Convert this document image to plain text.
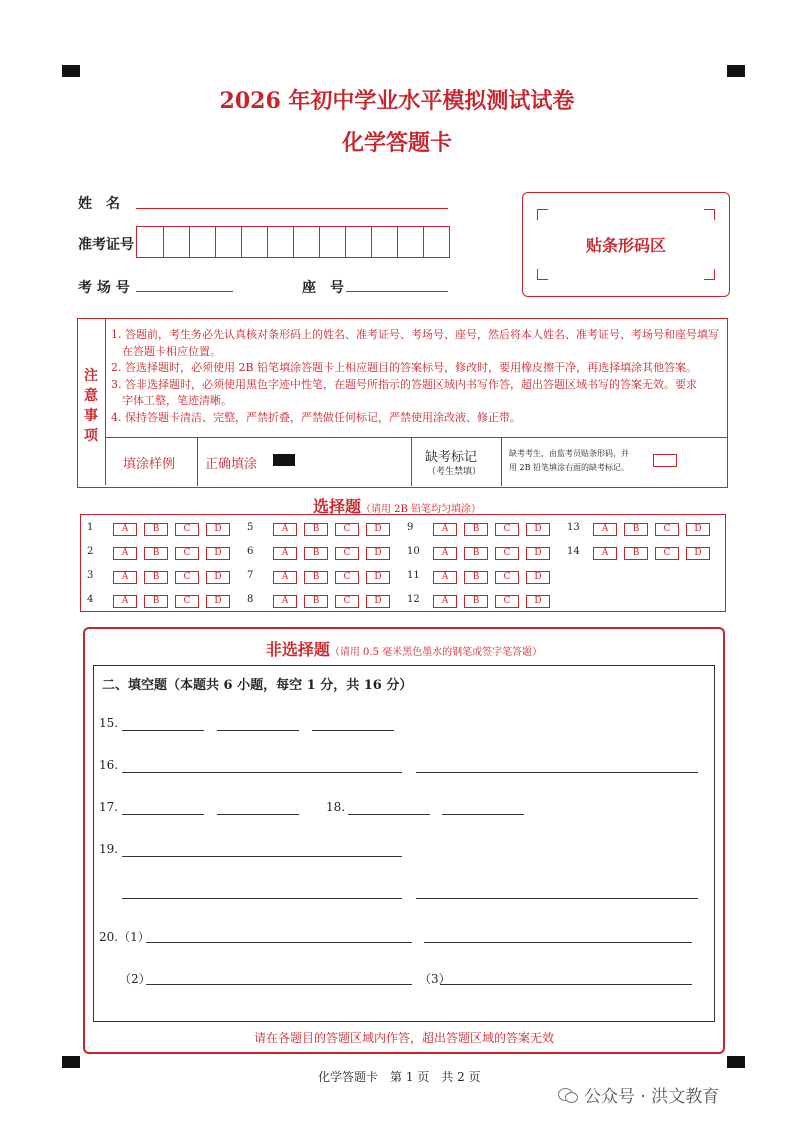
2026 年初中学业水平模拟测试试卷
化学答题卡
姓　名
准考证号
考 场 号	座　号
贴条形码区
注
意
事
项
1. 答题前，考生务必先认真核对条形码上的姓名、准考证号、考场号、座号，然后将本人姓名、准考证号、考场号和座号填写
在答题卡相应位置。
2. 答选择题时，必须使用 2B 铅笔填涂答题卡上相应题目的答案标号，修改时，要用橡皮擦干净，再选择填涂其他答案。
3. 答非选择题时，必须使用黑色字迹中性笔，在题号所指示的答题区域内书写作答，超出答题区域书写的答案无效。要求
字体工整，笔迹清晰。
4. 保持答题卡清洁、完整，严禁折叠，严禁做任何标记，严禁使用涂改液、修正带。
填涂样例 正确填涂	缺考标记
（考生禁填）
缺考考生，由监考员贴条形码，并
用 2B 铅笔填涂右面的缺考标记。
选择题（请用 2B 铅笔均匀填涂）
1	A	B	C	D
2	A	B	C	D
3	A	B	C	D
4	A	B	C	D
5	A	B	C	D
6	A	B	C	D
7	A	B	C	D
8	A	B	C	D
9	A	B	C	D
10	A	B	C	D
11	A	B	C	D
12	A	B	C	D
13	A	B	C	D
14	A	B	C	D
非选择题（请用 0.5 毫米黑色墨水的钢笔或签字笔答题）
二、填空题（本题共 6 小题，每空 1 分，共 16 分）
15.
16.
17.	18.
19.
20.（1）
（2）	（3）
请在各题目的答题区域内作答，超出答题区域的答案无效
化学答题卡　第 1 页　共 2 页
公众号 · 洪文教育
